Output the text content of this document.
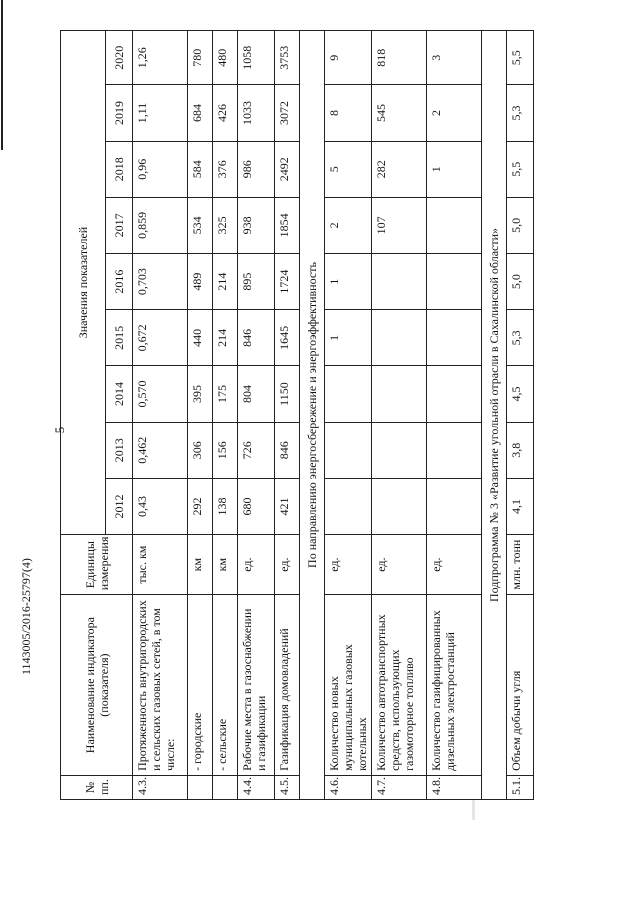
5
1143005/2016-25797(4)
№ пп.	Наименование индикатора (показателя)	Единицы измерения	Значения показателей								
			2012	2013	2014	2015	2016	2017	2018	2019	2020
4.3.	Протяженность внутригородских и сельских газовых сетей, в том числе:	тыс. км	0,43	0,462	0,570	0,672	0,703	0,859	0,96	1,11	1,26
	- городские	км	292	306	395	440	489	534	584	684	780
	- сельские	км	138	156	175	214	214	325	376	426	480
4.4.	Рабочие места в газоснабжении и газификации	ед.	680	726	804	846	895	938	986	1033	1058
4.5.	Газификация домовладений	ед.	421	846	1150	1645	1724	1854	2492	3072	3753
По направлению энергосбережение и энергоэффективность											
4.6.	Количество новых муниципальных газовых котельных	ед.				1	1	2	5	8	9
4.7.	Количество автотранспортных средств, использующих газомоторное топливо	ед.						107	282	545	818
4.8.	Количество газифицированных дизельных электростанций	ед.							1	2	3
Подпрограмма № 3 «Развитие угольной отрасли в Сахалинской области»											
5.1.	Объем добычи угля	млн. тонн	4,1	3,8	4,5	5,3	5,0	5,0	5,5	5,3	5,5
